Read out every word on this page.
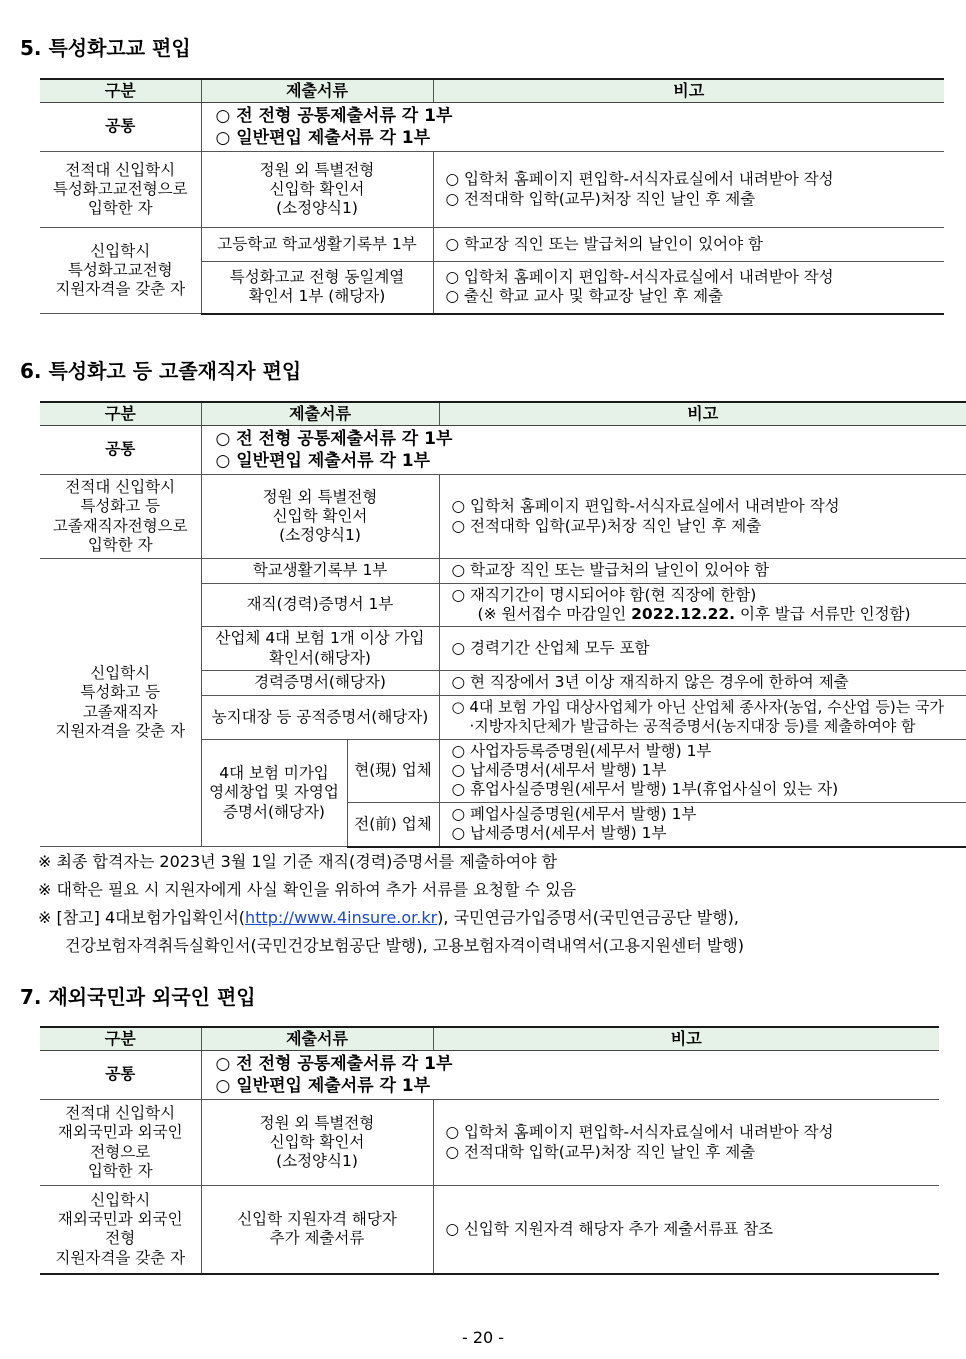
5. 특성화고교 편입
구분	제출서류	비고
공통	○ 전 전형 공통제출서류 각 1부
○ 일반편입 제출서류 각 1부	

전적대 신입학시
특성화고교전형으로
입학한 자	정원 외 특별전형
신입학 확인서
(소정양식1)	○ 입학처 홈페이지 편입학-서식자료실에서 내려받아 작성
○ 전적대학 입학(교무)처장 직인 날인 후 제출

신입학시
특성화고교전형
지원자격을 갖춘 자	고등학교 학교생활기록부 1부	○ 학교장 직인 또는 발급처의 날인이 있어야 함

	특성화고교 전형 동일계열
확인서 1부 (해당자)	○ 입학처 홈페이지 편입학-서식자료실에서 내려받아 작성
○ 출신 학교 교사 및 학교장 날인 후 제출
6. 특성화고 등 고졸재직자 편입
구분	제출서류		비고
공통	○ 전 전형 공통제출서류 각 1부
○ 일반편입 제출서류 각 1부		

전적대 신입학시
특성화고 등
고졸재직자전형으로
입학한 자	정원 외 특별전형
신입학 확인서
(소정양식1)		○ 입학처 홈페이지 편입학-서식자료실에서 내려받아 작성
○ 전적대학 입학(교무)처장 직인 날인 후 제출

신입학시
특성화고 등
고졸재직자
지원자격을 갖춘 자	학교생활기록부 1부		○ 학교장 직인 또는 발급처의 날인이 있어야 함
	재직(경력)증명서 1부		○ 재직기간이 명시되어야 함(현 직장에 한함)
(※ 원서접수 마감일인 2022.12.22. 이후 발급 서류만 인정함)

	산업체 4대 보험 1개 이상 가입
확인서(해당자)		○ 경력기간 산업체 모두 포함
	경력증명서(해당자)		○ 현 직장에서 3년 이상 재직하지 않은 경우에 한하여 제출
	농지대장 등 공적증명서(해당자)		○ 4대 보험 가입 대상사업체가 아닌 산업체 종사자(농업, 수산업 등)는 국가
·지방자치단체가 발급하는 공적증명서(농지대장 등)를 제출하여야 함

	4대 보험 미가입
영세창업 및 자영업
증명서(해당자)	현(現) 업체	○ 사업자등록증명원(세무서 발행) 1부
○ 납세증명서(세무서 발행) 1부
○ 휴업사실증명원(세무서 발행) 1부(휴업사실이 있는 자)

		전(前) 업체	○ 폐업사실증명원(세무서 발행) 1부
○ 납세증명서(세무서 발행) 1부

※ 최종 합격자는 2023년 3월 1일 기준 재직(경력)증명서를 제출하여야 함

※ 대학은 필요 시 지원자에게 사실 확인을 위하여 추가 서류를 요청할 수 있음

※ [참고] 4대보험가입확인서(http://www.4insure.or.kr), 국민연금가입증명서(국민연금공단 발행),

건강보험자격취득실확인서(국민건강보험공단 발행), 고용보험자격이력내역서(고용지원센터 발행)

7. 재외국민과 외국인 편입
구분	제출서류	비고
공통	○ 전 전형 공통제출서류 각 1부
○ 일반편입 제출서류 각 1부	

전적대 신입학시
재외국민과 외국인
전형으로
입학한 자	정원 외 특별전형
신입학 확인서
(소정양식1)	○ 입학처 홈페이지 편입학-서식자료실에서 내려받아 작성
○ 전적대학 입학(교무)처장 직인 날인 후 제출

신입학시
재외국민과 외국인
전형
지원자격을 갖춘 자	신입학 지원자격 해당자
추가 제출서류	○ 신입학 지원자격 해당자 추가 제출서류표 참조
- 20 -
